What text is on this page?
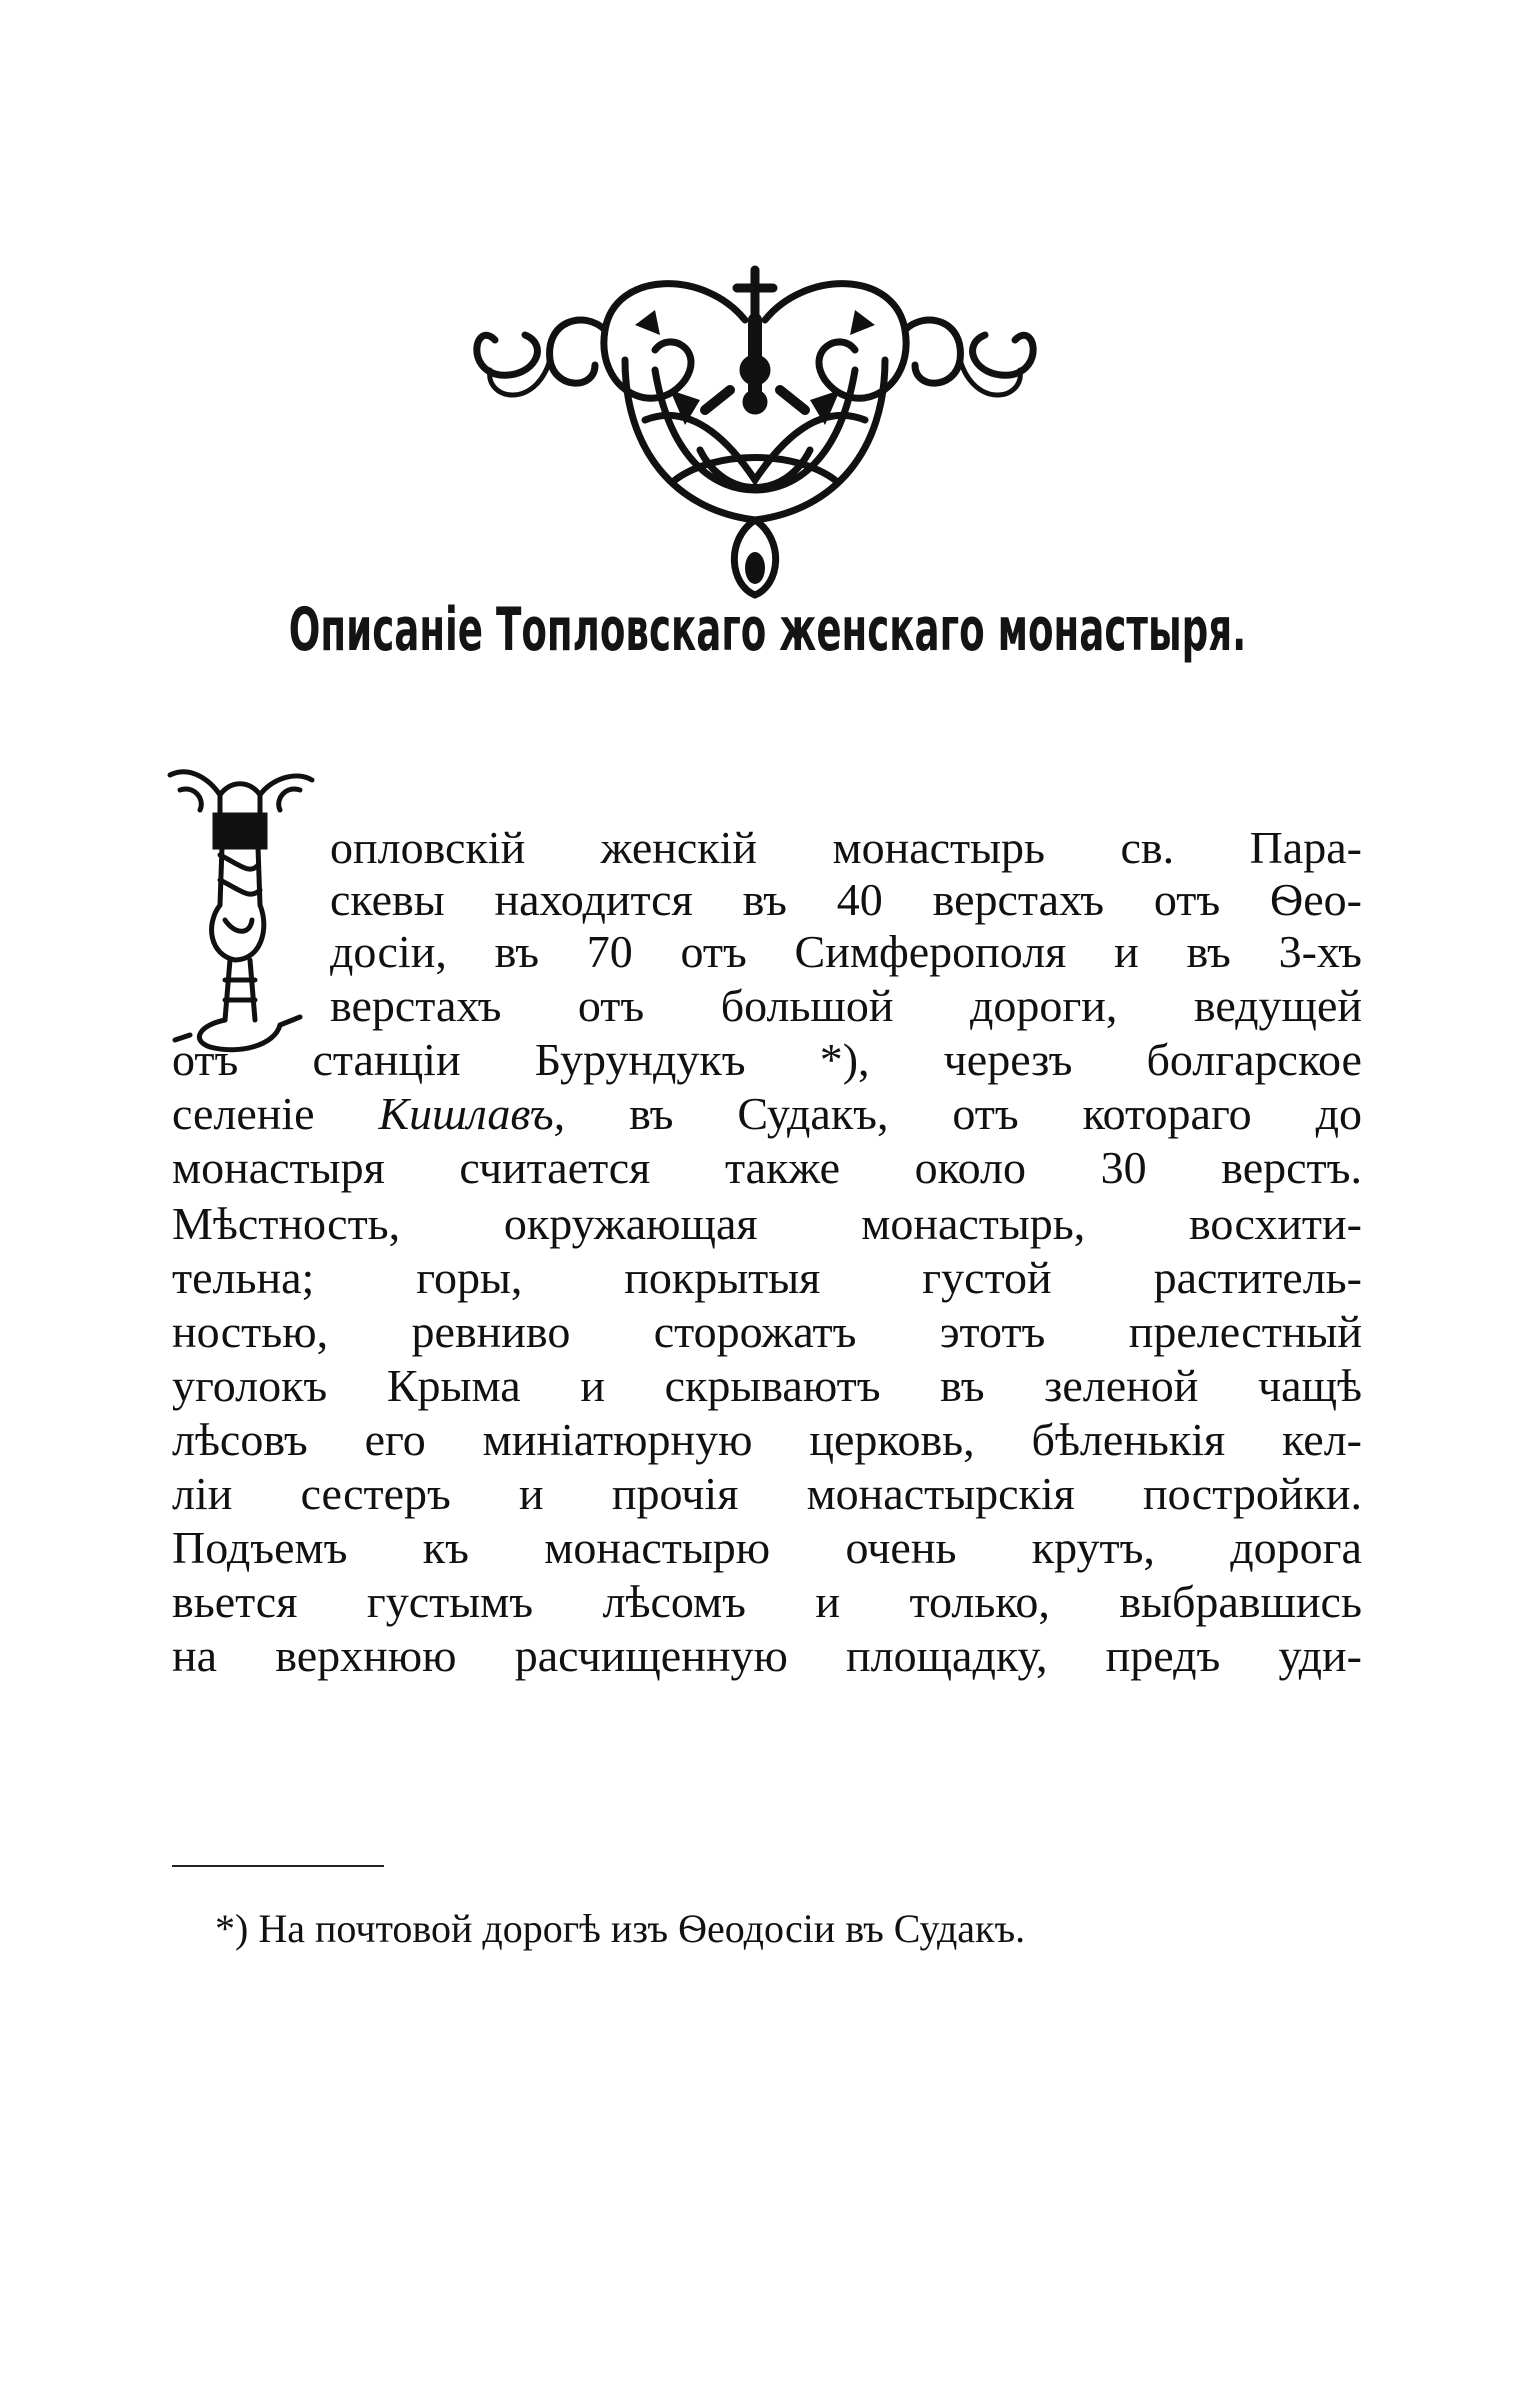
Описаніе Топловскаго женскаго монастыря.
опловскій женскій монастырь св. Пара-
скевы находится въ 40 верстахъ отъ Ѳео-
досіи, въ 70 отъ Симферополя и въ 3-хъ
верстахъ отъ большой дороги, ведущей
отъ станціи Бурундукъ *), черезъ болгарское
селеніе Кишлавъ, въ Судакъ, отъ котораго до
монастыря считается также около 30 верстъ.
Мѣстность, окружающая монастырь, восхити-
тельна; горы, покрытыя густой раститель-
ностью, ревниво сторожатъ этотъ прелестный
уголокъ Крыма и скрываютъ въ зеленой чащѣ
лѣсовъ его миніатюрную церковь, бѣленькія кел-
ліи сестеръ и прочія монастырскія постройки.
Подъемъ къ монастырю очень крутъ, дорога
вьется густымъ лѣсомъ и только, выбравшись
на верхнюю расчищенную площадку, предъ уди-
*) На почтовой дорогѣ изъ Ѳеодосіи въ Судакъ.
